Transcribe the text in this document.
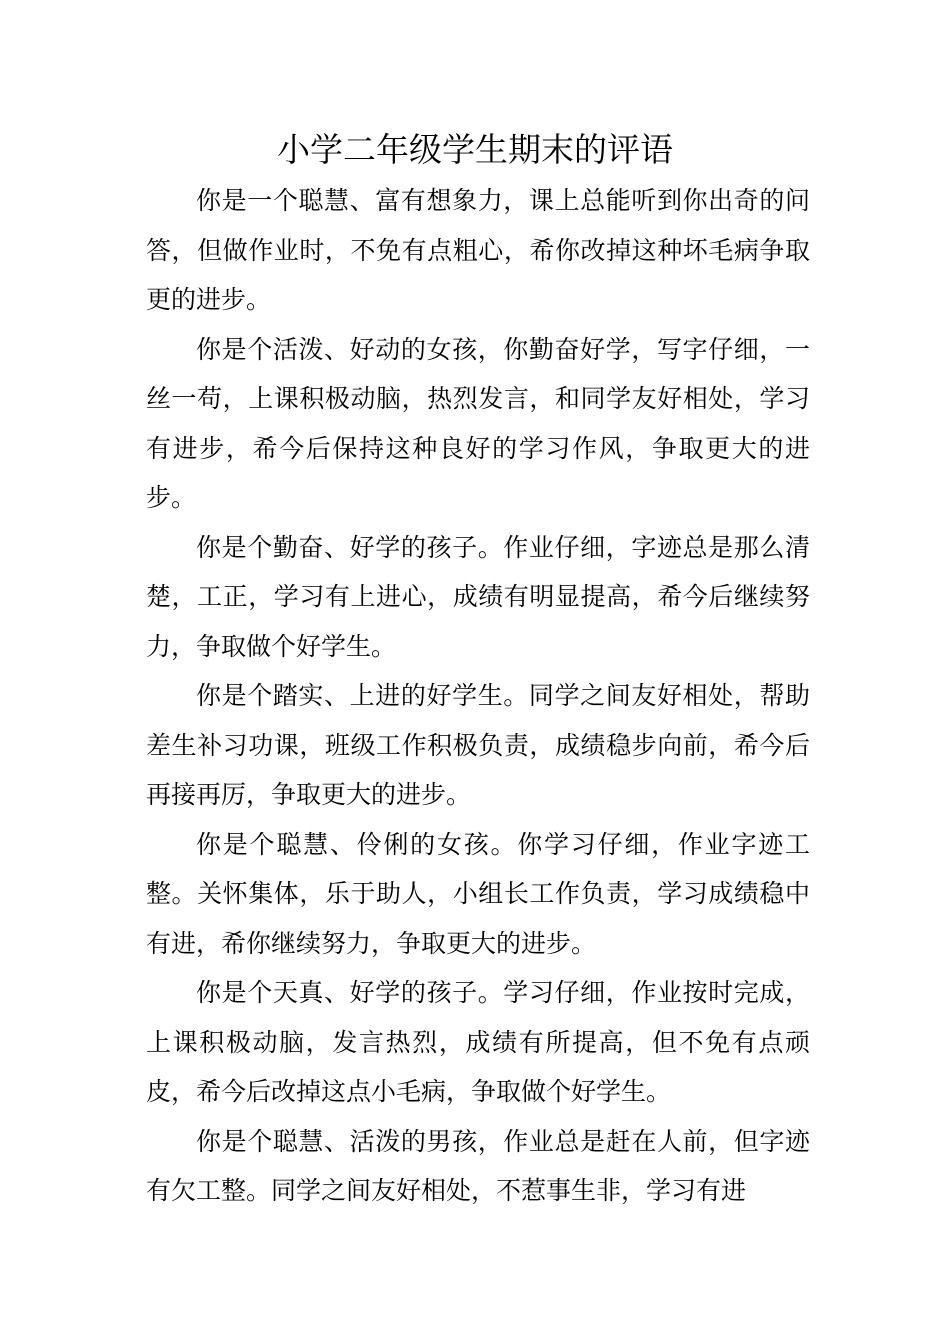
小学二年级学生期末的评语

你是一个聪慧、富有想象力，课上总能听到你出奇的问答，但做作业时，不免有点粗心，希你改掉这种坏毛病争取更的进步。

你是个活泼、好动的女孩，你勤奋好学，写字仔细，一丝一苟，上课积极动脑，热烈发言，和同学友好相处，学习有进步，希今后保持这种良好的学习作风，争取更大的进步。

你是个勤奋、好学的孩子。作业仔细，字迹总是那么清楚，工正，学习有上进心，成绩有明显提高，希今后继续努力，争取做个好学生。

你是个踏实、上进的好学生。同学之间友好相处，帮助差生补习功课，班级工作积极负责，成绩稳步向前，希今后再接再厉，争取更大的进步。

你是个聪慧、伶俐的女孩。你学习仔细，作业字迹工整。关怀集体，乐于助人，小组长工作负责，学习成绩稳中有进，希你继续努力，争取更大的进步。

你是个天真、好学的孩子。学习仔细，作业按时完成，上课积极动脑，发言热烈，成绩有所提高，但不免有点顽皮，希今后改掉这点小毛病，争取做个好学生。

你是个聪慧、活泼的男孩，作业总是赶在人前，但字迹有欠工整。同学之间友好相处，不惹事生非，学习有进
